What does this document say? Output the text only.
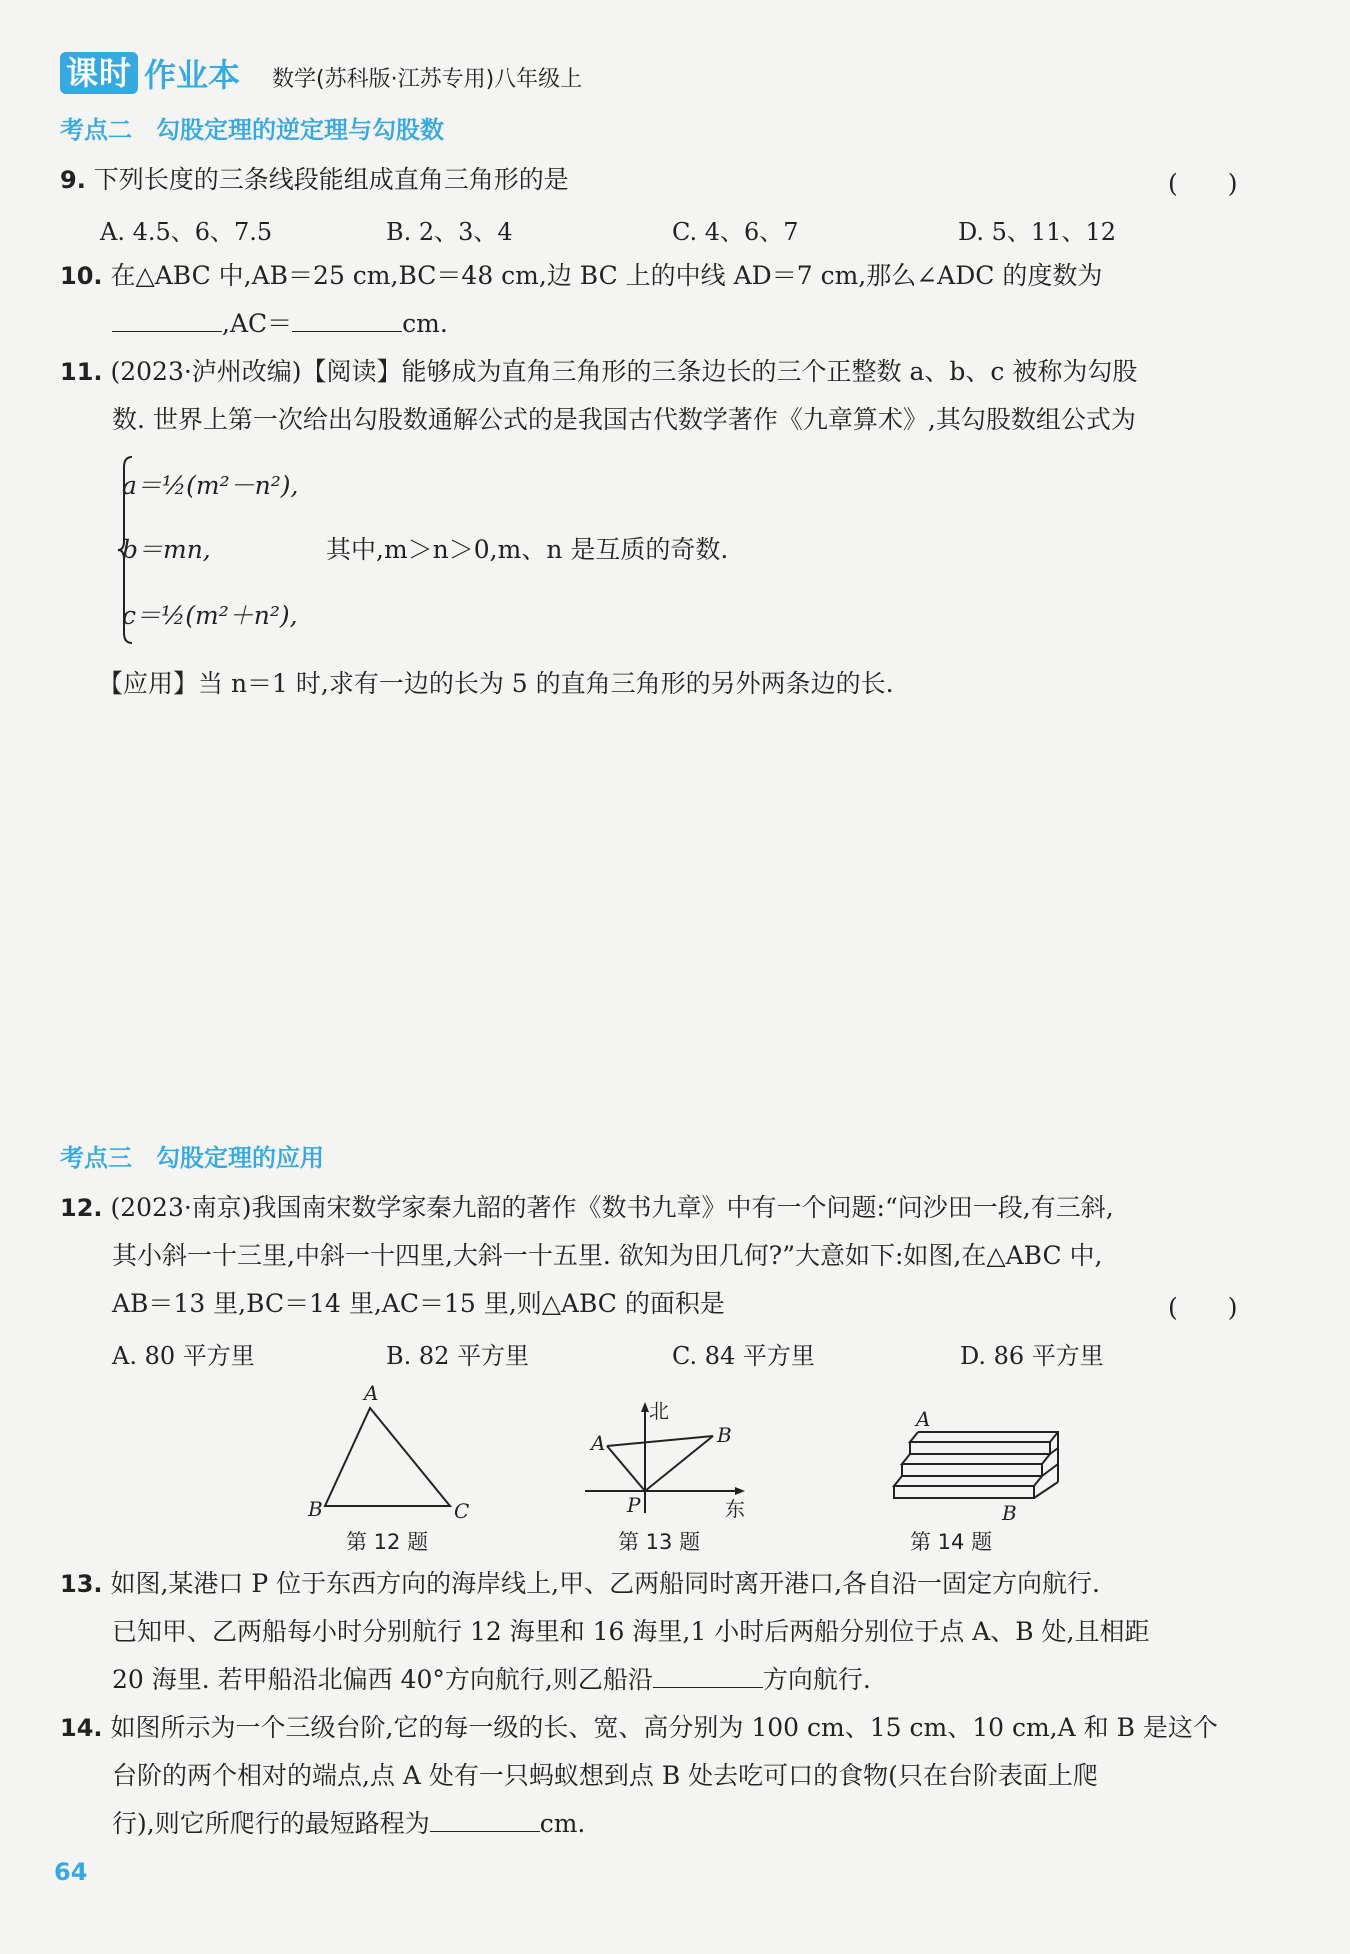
课时 作业本 数学(苏科版·江苏专用)八年级上
考点二　勾股定理的逆定理与勾股数
9. 下列长度的三条线段能组成直角三角形的是	(　　)
A. 4.5、6、7.5	B. 2、3、4	C. 4、6、7	D. 5、11、12
10. 在△ABC 中,AB＝25 cm,BC＝48 cm,边 BC 上的中线 AD＝7 cm,那么∠ADC 的度数为
,AC＝	cm.
11. (2023·泸州改编)【阅读】能够成为直角三角形的三条边长的三个正整数 a、b、c 被称为勾股
数. 世界上第一次给出勾股数通解公式的是我国古代数学著作《九章算术》,其勾股数组公式为
a＝½(m²－n²),
b＝mn,	其中,m＞n＞0,m、n 是互质的奇数.
c＝½(m²＋n²),
【应用】当 n＝1 时,求有一边的长为 5 的直角三角形的另外两条边的长.
考点三　勾股定理的应用
12. (2023·南京)我国南宋数学家秦九韶的著作《数书九章》中有一个问题:“问沙田一段,有三斜,
其小斜一十三里,中斜一十四里,大斜一十五里. 欲知为田几何?”大意如下:如图,在△ABC 中,
AB＝13 里,BC＝14 里,AC＝15 里,则△ABC 的面积是	(　　)
A. 80 平方里	B. 82 平方里	C. 84 平方里	D. 86 平方里
A
B	C
第 12 题
北
东
A	B
P
第 13 题
A
B
第 14 题
13. 如图,某港口 P 位于东西方向的海岸线上,甲、乙两船同时离开港口,各自沿一固定方向航行.
已知甲、乙两船每小时分别航行 12 海里和 16 海里,1 小时后两船分别位于点 A、B 处,且相距
20 海里. 若甲船沿北偏西 40°方向航行,则乙船沿	方向航行.
14. 如图所示为一个三级台阶,它的每一级的长、宽、高分别为 100 cm、15 cm、10 cm,A 和 B 是这个
台阶的两个相对的端点,点 A 处有一只蚂蚁想到点 B 处去吃可口的食物(只在台阶表面上爬
行),则它所爬行的最短路程为	cm.
64
